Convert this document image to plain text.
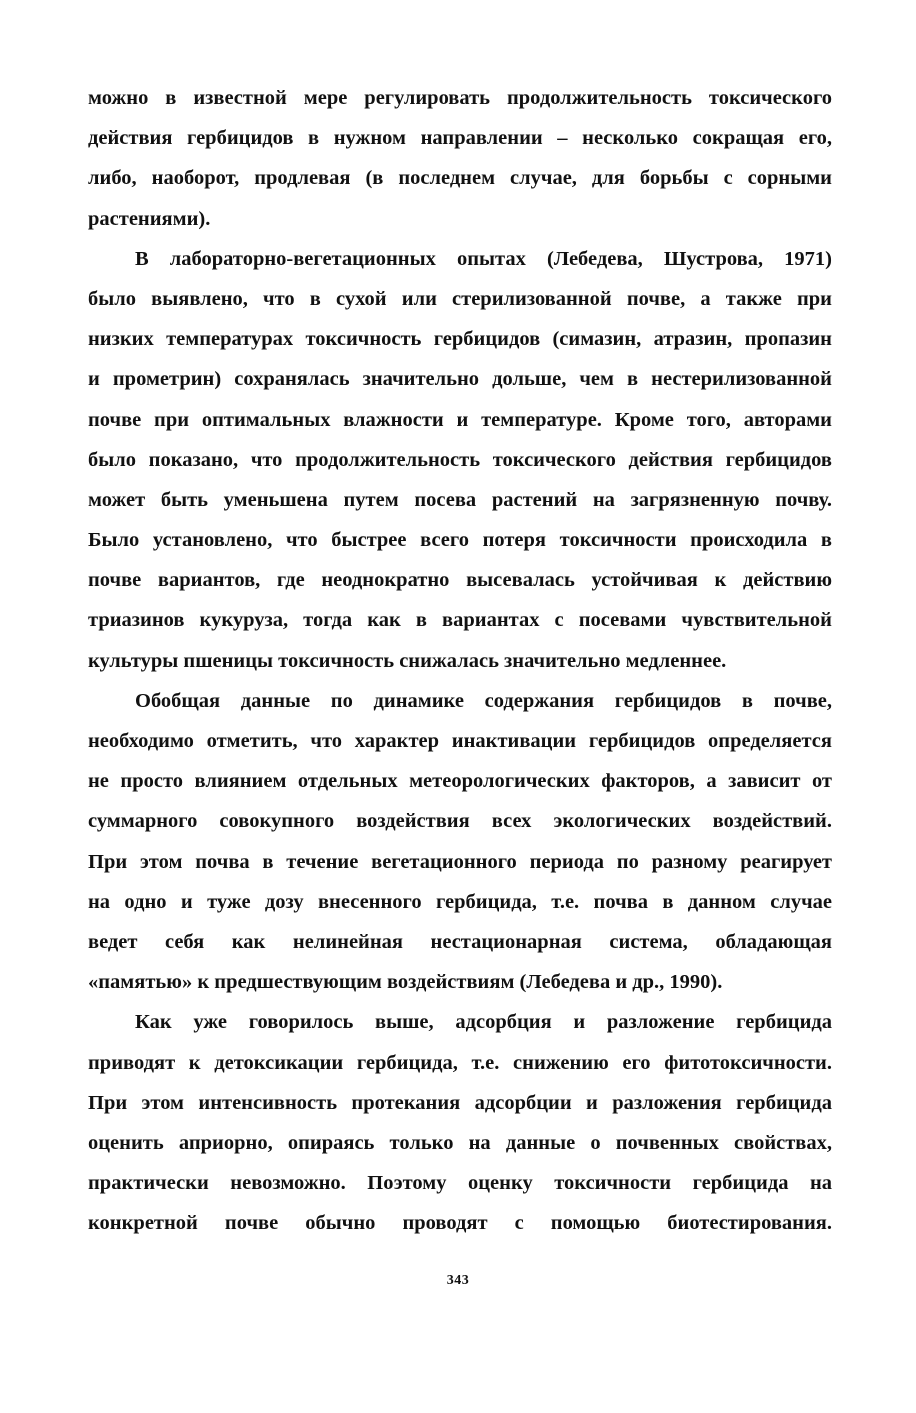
можно в известной мере регулировать продолжительность токсического
действия гербицидов в нужном направлении – несколько сокращая его,
либо, наоборот, продлевая (в последнем случае, для борьбы с сорными
растениями).

В лабораторно-вегетационных опытах (Лебедева, Шустрова, 1971)
было выявлено, что в сухой или стерилизованной почве, а также при
низких температурах токсичность гербицидов (симазин, атразин, пропазин
и прометрин) сохранялась значительно дольше, чем в нестерилизованной
почве при оптимальных влажности и температуре. Кроме того, авторами
было показано, что продолжительность токсического действия гербицидов
может быть уменьшена путем посева растений на загрязненную почву.
Было установлено, что быстрее всего потеря токсичности происходила в
почве вариантов, где неоднократно высевалась устойчивая к действию
триазинов кукуруза, тогда как в вариантах с посевами чувствительной
культуры пшеницы токсичность снижалась значительно медленнее.

Обобщая данные по динамике содержания гербицидов в почве,
необходимо отметить, что характер инактивации гербицидов определяется
не просто влиянием отдельных метеорологических факторов, а зависит от
суммарного совокупного воздействия всех экологических воздействий.
При этом почва в течение вегетационного периода по разному реагирует
на одно и туже дозу внесенного гербицида, т.е. почва в данном случае
ведет себя как нелинейная нестационарная система, обладающая
«памятью» к предшествующим воздействиям (Лебедева и др., 1990).

Как уже говорилось выше, адсорбция и разложение гербицида
приводят к детоксикации гербицида, т.е. снижению его фитотоксичности.
При этом интенсивность протекания адсорбции и разложения гербицида
оценить априорно, опираясь только на данные о почвенных свойствах,
практически невозможно. Поэтому оценку токсичности гербицида на
конкретной почве обычно проводят с помощью биотестирования.

343
